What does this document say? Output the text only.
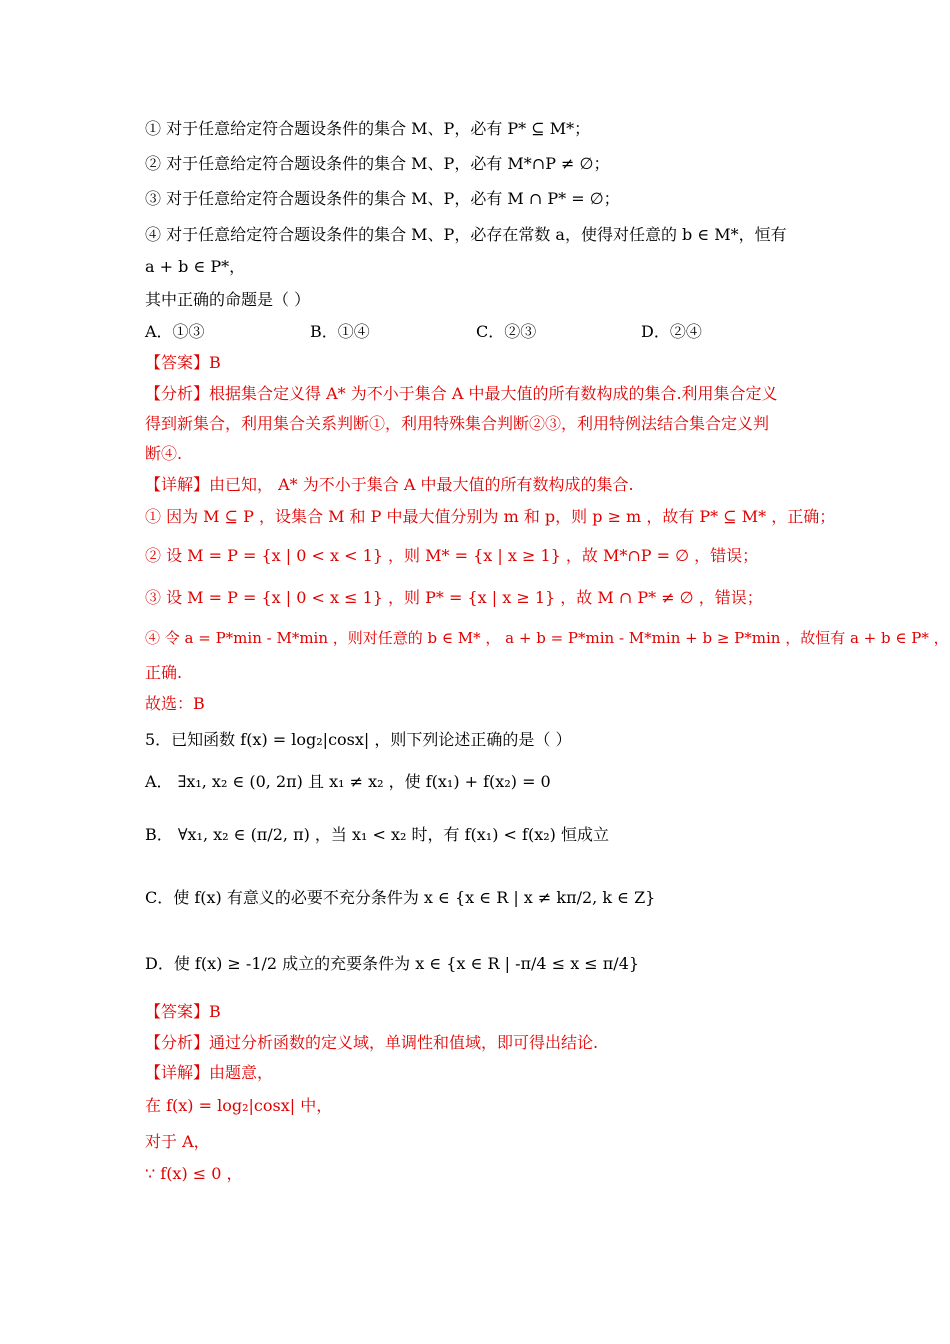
① 对于任意给定符合题设条件的集合 M、P，必有 P* ⊆ M*；
② 对于任意给定符合题设条件的集合 M、P，必有 M*∩P ≠ ∅；
③ 对于任意给定符合题设条件的集合 M、P，必有 M ∩ P* = ∅；
④ 对于任意给定符合题设条件的集合 M、P，必存在常数 a，使得对任意的 b ∈ M*，恒有
a + b ∈ P*，
其中正确的命题是（ ）
A．①③	B．①④	C．②③	D．②④
【答案】B
【分析】根据集合定义得 A* 为不小于集合 A 中最大值的所有数构成的集合.利用集合定义
得到新集合，利用集合关系判断①，利用特殊集合判断②③，利用特例法结合集合定义判
断④.
【详解】由已知， A* 为不小于集合 A 中最大值的所有数构成的集合.
① 因为 M ⊆ P ，设集合 M 和 P 中最大值分别为 m 和 p，则 p ≥ m ，故有 P* ⊆ M* ，正确；
② 设 M = P = {x | 0 < x < 1} ，则 M* = {x | x ≥ 1} ，故 M*∩P = ∅ ，错误；
③ 设 M = P = {x | 0 < x ≤ 1} ，则 P* = {x | x ≥ 1} ，故 M ∩ P* ≠ ∅ ，错误；
④ 令 a = P*min - M*min ，则对任意的 b ∈ M* ， a + b = P*min - M*min + b ≥ P*min ，故恒有 a + b ∈ P* ，
正确.
故选：B
5．已知函数 f(x) = log₂|cosx| ，则下列论述正确的是（ ）
A． ∃x₁, x₂ ∈ (0, 2π) 且 x₁ ≠ x₂ ，使 f(x₁) + f(x₂) = 0
B． ∀x₁, x₂ ∈ (π/2, π) ，当 x₁ < x₂ 时，有 f(x₁) < f(x₂) 恒成立
C．使 f(x) 有意义的必要不充分条件为 x ∈ {x ∈ R | x ≠ kπ/2, k ∈ Z}
D．使 f(x) ≥ -1/2 成立的充要条件为 x ∈ {x ∈ R | -π/4 ≤ x ≤ π/4}
【答案】B
【分析】通过分析函数的定义域，单调性和值域，即可得出结论.
【详解】由题意，
在 f(x) = log₂|cosx| 中，
对于 A，
∵ f(x) ≤ 0 ，
